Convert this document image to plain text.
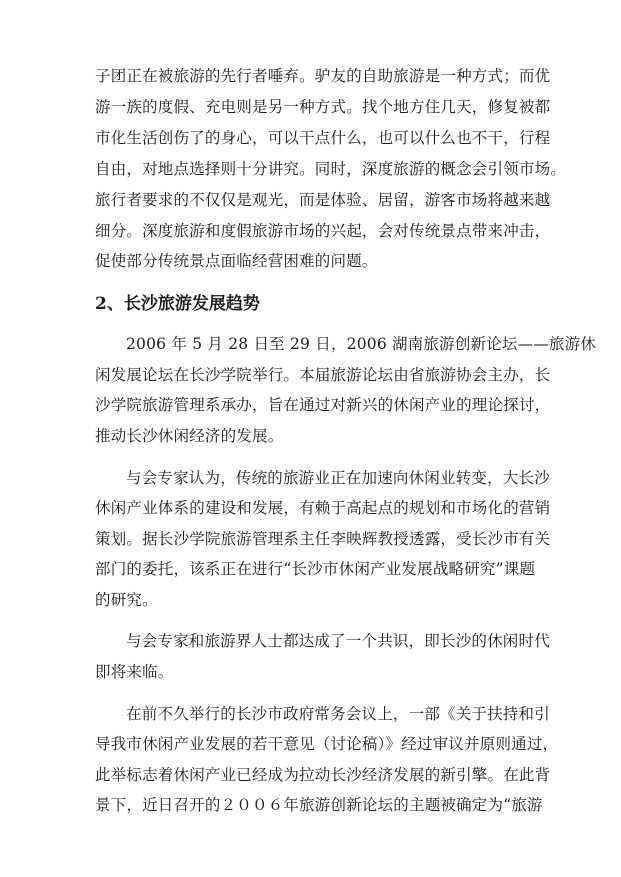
子团正在被旅游的先行者唾弃。驴友的自助旅游是一种方式；而优
游一族的度假、充电则是另一种方式。找个地方住几天，修复被都
市化生活创伤了的身心，可以干点什么，也可以什么也不干，行程
自由，对地点选择则十分讲究。同时，深度旅游的概念会引领市场。
旅行者要求的不仅仅是观光，而是体验、居留，游客市场将越来越
细分。深度旅游和度假旅游市场的兴起，会对传统景点带来冲击，
促使部分传统景点面临经营困难的问题。
2、长沙旅游发展趋势
2006 年 5 月 28 日至 29 日，2006 湖南旅游创新论坛——旅游休
闲发展论坛在长沙学院举行。本届旅游论坛由省旅游协会主办，长
沙学院旅游管理系承办，旨在通过对新兴的休闲产业的理论探讨，
推动长沙休闲经济的发展。
与会专家认为，传统的旅游业正在加速向休闲业转变，大长沙
休闲产业体系的建设和发展，有赖于高起点的规划和市场化的营销
策划。据长沙学院旅游管理系主任李映辉教授透露，受长沙市有关
部门的委托，该系正在进行“长沙市休闲产业发展战略研究”课题
的研究。
与会专家和旅游界人士都达成了一个共识，即长沙的休闲时代
即将来临。
在前不久举行的长沙市政府常务会议上，一部《关于扶持和引
导我市休闲产业发展的若干意见（讨论稿）》经过审议并原则通过，
此举标志着休闲产业已经成为拉动长沙经济发展的新引擎。在此背
景下，近日召开的２００６年旅游创新论坛的主题被确定为“旅游
